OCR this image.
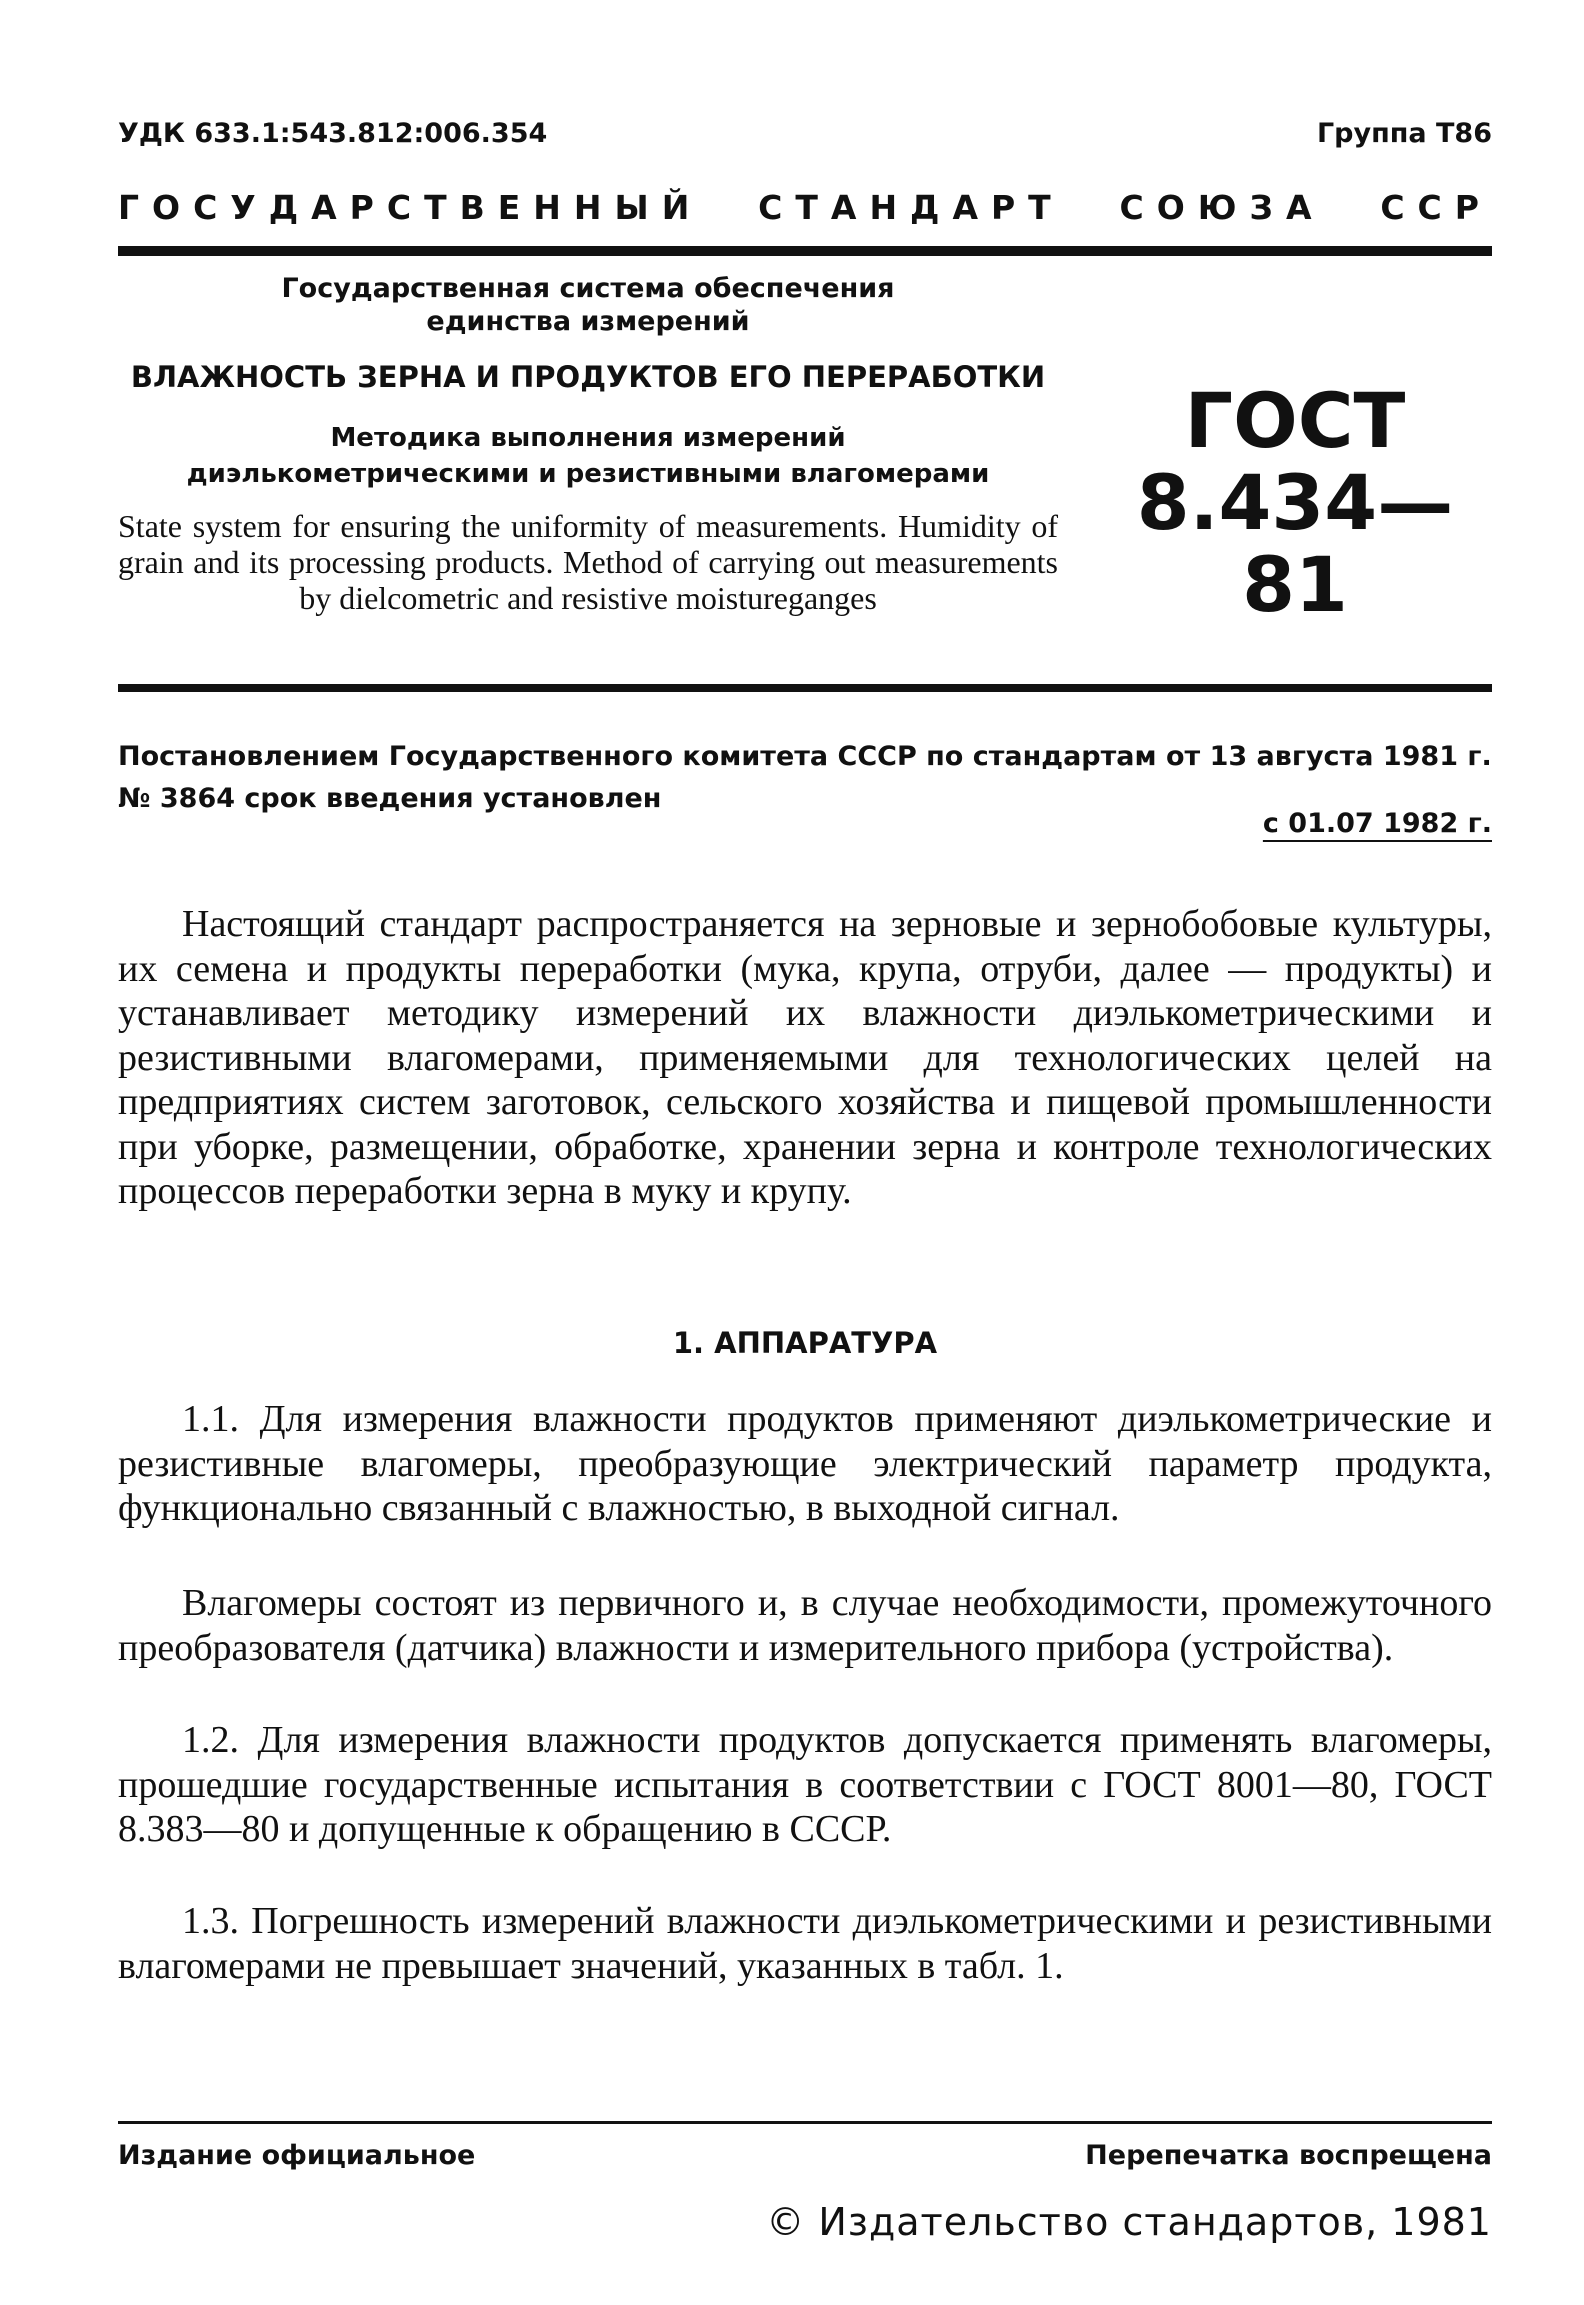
УДК 633.1:543.812:006.354	Группа Т86
ГОСУДАРСТВЕННЫЙ СТАНДАРТ СОЮЗА ССР
Государственная система обеспечения
единства измерений
ВЛАЖНОСТЬ ЗЕРНА И ПРОДУКТОВ ЕГО ПЕРЕРАБОТКИ
Методика выполнения измерений
диэлькометрическими и резистивными влагомерами
State system for ensuring the uniformity of measurements. Humidity of grain and its processing products. Method of carrying out measurements by dielcometric and resistive moistureganges
ГОСТ
8.434—81
Постановлением Государственного комитета СССР по стандартам от 13 августа 1981 г. № 3864 срок введения установлен
с 01.07 1982 г.
Настоящий стандарт распространяется на зерновые и зернобобовые культуры, их семена и продукты переработки (мука, крупа, отруби, далее — продукты) и устанавливает методику измерений их влажности диэлькометрическими и резистивными влагомерами, применяемыми для технологических целей на предприятиях систем заготовок, сельского хозяйства и пищевой промышленности при уборке, размещении, обработке, хранении зерна и контроле технологических процессов переработки зерна в муку и крупу.
1. АППАРАТУРА
1.1. Для измерения влажности продуктов применяют диэлькометрические и резистивные влагомеры, преобразующие электрический параметр продукта, функционально связанный с влажностью, в выходной сигнал.
Влагомеры состоят из первичного и, в случае необходимости, промежуточного преобразователя (датчика) влажности и измерительного прибора (устройства).
1.2. Для измерения влажности продуктов допускается применять влагомеры, прошедшие государственные испытания в соответствии с ГОСТ 8001—80, ГОСТ 8.383—80 и допущенные к обращению в СССР.
1.3. Погрешность измерений влажности диэлькометрическими и резистивными влагомерами не превышает значений, указанных в табл. 1.
Издание официальное	Перепечатка воспрещена
© Издательство стандартов, 1981
